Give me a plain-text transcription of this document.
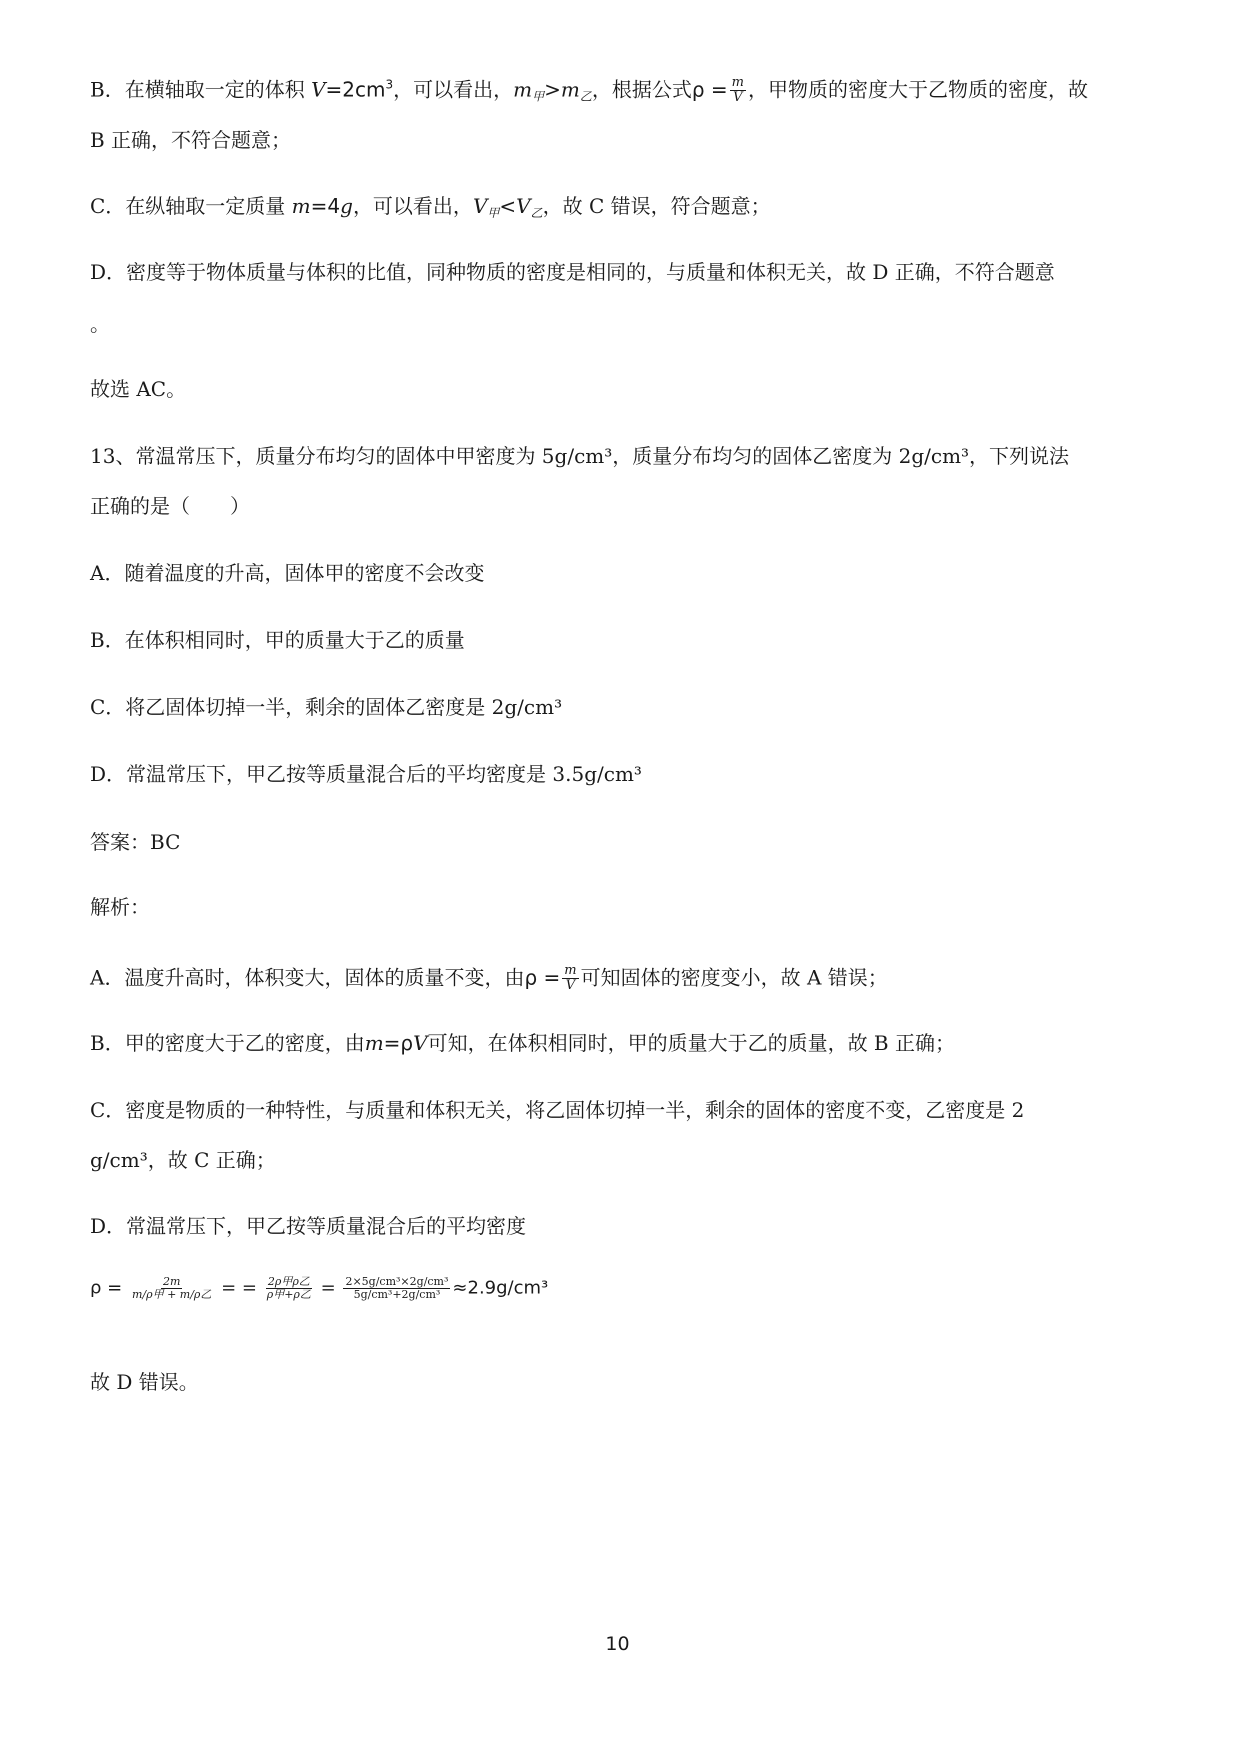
B．在横轴取一定的体积 $V=2cm^3$，可以看出，$m_甲>m_乙$，根据公式$\rho = \frac{m}{V}$ ，甲物质的密度大于乙物质的密度，故
B 正确，不符合题意；
C．在纵轴取一定质量 m=4g，可以看出，$V_甲<V_乙$，故 C 错误，符合题意；
D．密度等于物体质量与体积的比值，同种物质的密度是相同的，与质量和体积无关，故 D 正确，不符合题意
。
故选 AC。
13、常温常压下，质量分布均匀的固体中甲密度为 5g/cm³，质量分布均匀的固体乙密度为 2g/cm³，下列说法
正确的是（　　）
A．随着温度的升高，固体甲的密度不会改变
B．在体积相同时，甲的质量大于乙的质量
C．将乙固体切掉一半，剩余的固体乙密度是 2g/cm³
D．常温常压下，甲乙按等质量混合后的平均密度是 3.5g/cm³
答案：BC
解析：
A．温度升高时，体积变大，固体的质量不变，由$\rho = \frac{m}{V}$ 可知固体的密度变小，故 A 错误；
B．甲的密度大于乙的密度，由m=ρV可知，在体积相同时，甲的质量大于乙的质量，故 B 正确；
C．密度是物质的一种特性，与质量和体积无关，将乙固体切掉一半，剩余的固体的密度不变，乙密度是 2
g/cm³，故 C 正确；
D．常温常压下，甲乙按等质量混合后的平均密度
$\rho = \frac{2m}{\text{m/ρ甲 + m/ρ乙}}$ = = $\frac{\text{2ρ甲ρ乙}}{\text{ρ甲+ρ乙}} = \frac{\text{2×5g/cm³×2g/cm³}}{\text{5g/cm³+2g/cm³}} \approx 2.9g/cm^3$
故 D 错误。
10
